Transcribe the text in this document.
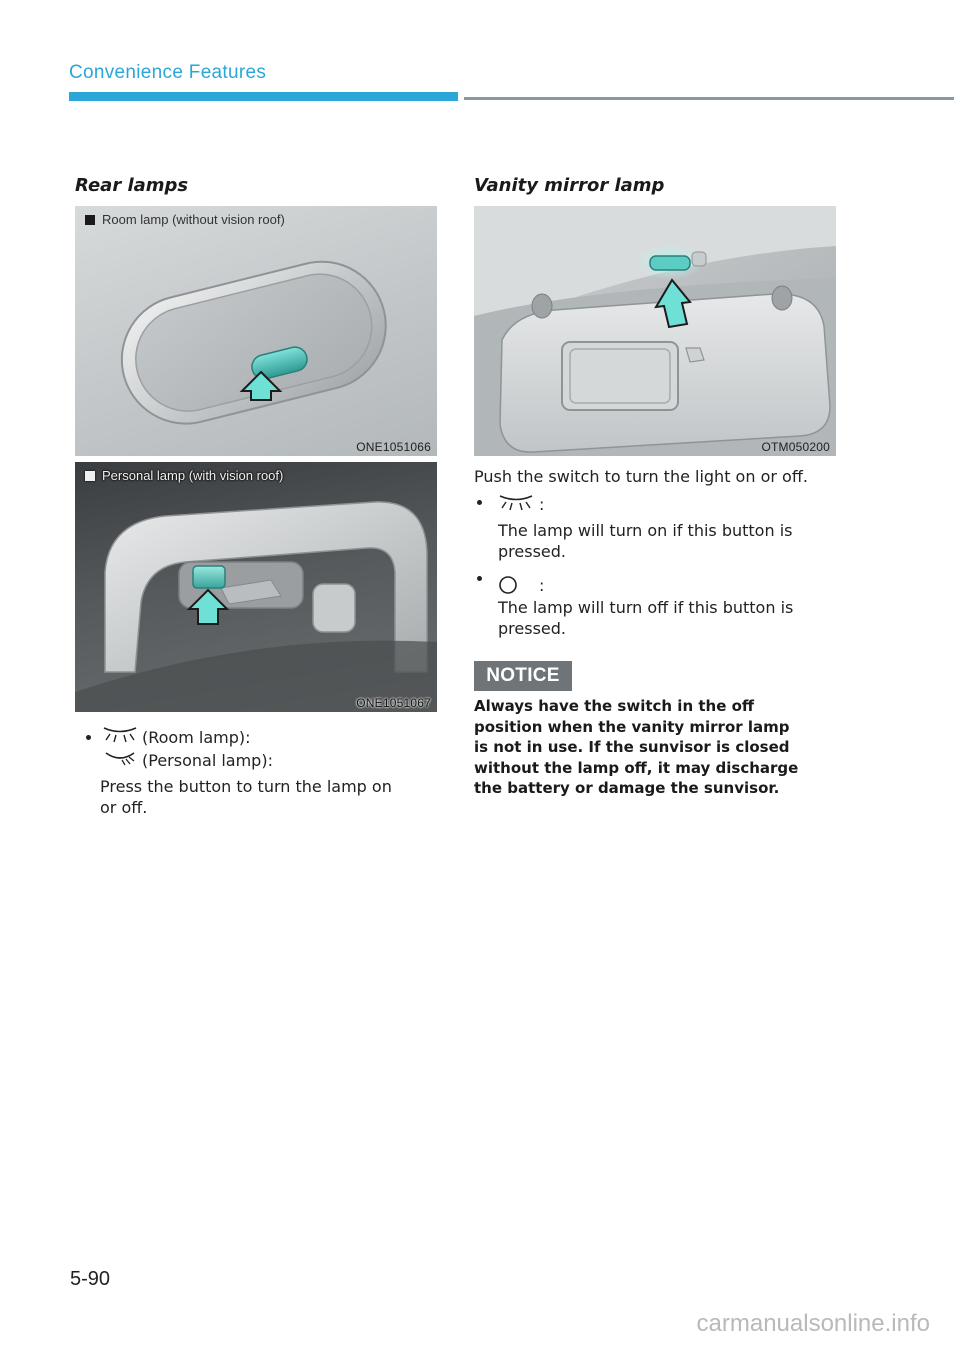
Convenience Features
Rear lamps
Room lamp (without vision roof)
ONE1051066
Personal lamp (with vision roof)
ONE1051067
(Room lamp):
(Personal lamp):
Press the button to turn the lamp on
or off.
Vanity mirror lamp
OTM050200
Push the switch to turn the light on or off.
:
The lamp will turn on if this button is
pressed.
:
The lamp will turn off if this button is
pressed.
NOTICE
Always have the switch in the off
position when the vanity mirror lamp
is not in use. If the sunvisor is closed
without the lamp off, it may discharge
the battery or damage the sunvisor.
5-90
carmanualsonline.info
